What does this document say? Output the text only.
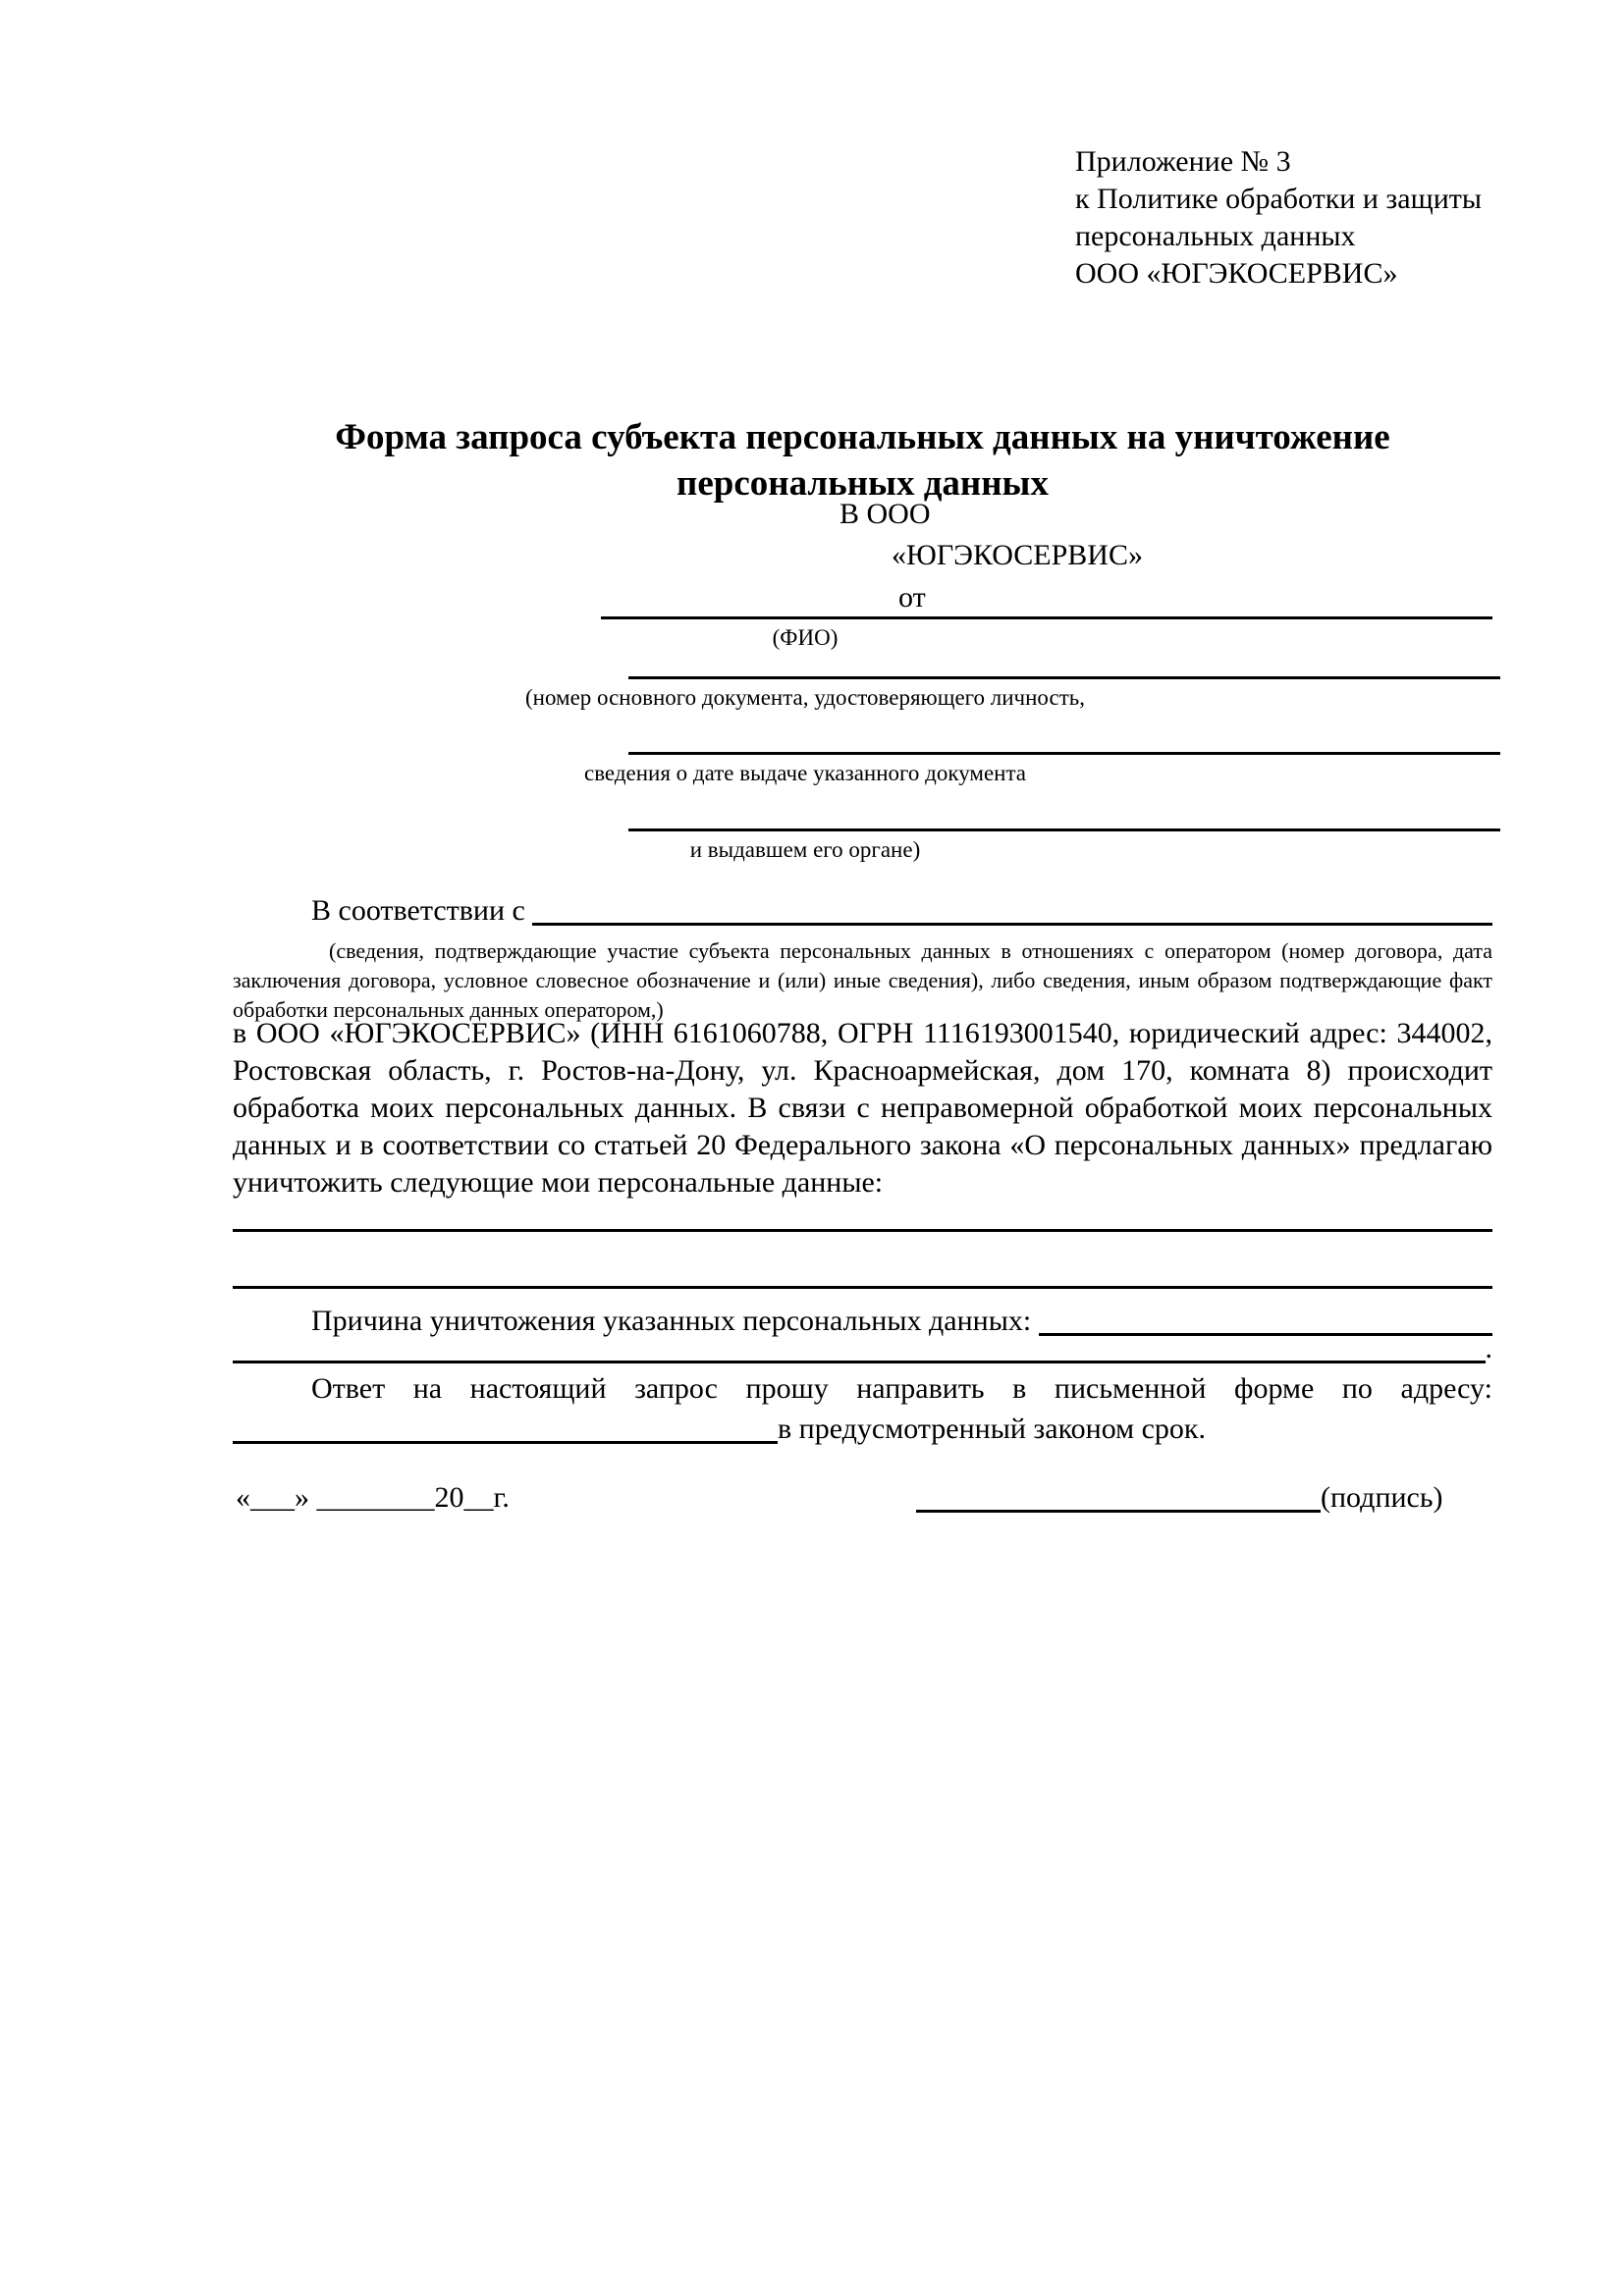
Приложение № 3
к Политике обработки и защиты
персональных данных
ООО «ЮГЭКОСЕРВИС»
Форма запроса субъекта персональных данных на уничтожение
персональных данных
В ООО
«ЮГЭКОСЕРВИС»
от
(ФИО)
(номер основного документа, удостоверяющего личность,
сведения о дате выдаче указанного документа
и выдавшем его органе)
В соответствии с

(сведения, подтверждающие участие субъекта персональных данных в отношениях с оператором (номер договора, дата заключения договора, условное словесное обозначение и (или) иные сведения), либо сведения, иным образом подтверждающие факт обработки персональных данных оператором,)
в ООО «ЮГЭКОСЕРВИС» (ИНН 6161060788, ОГРН 1116193001540, юридический адрес: 344002, Ростовская область, г. Ростов-на-Дону, ул. Красноармейская, дом 170, комната 8) происходит обработка моих персональных данных. В связи с неправомерной обработкой моих персональных данных и в соответствии со статьей 20 Федерального закона «О персональных данных» предлагаю уничтожить следующие мои персональные данные:
Причина уничтожения указанных персональных данных:

.
Ответ на настоящий запрос прошу направить в письменной форме по адресу:
в предусмотренный законом срок.
«___» ________20__г.	(подпись)
